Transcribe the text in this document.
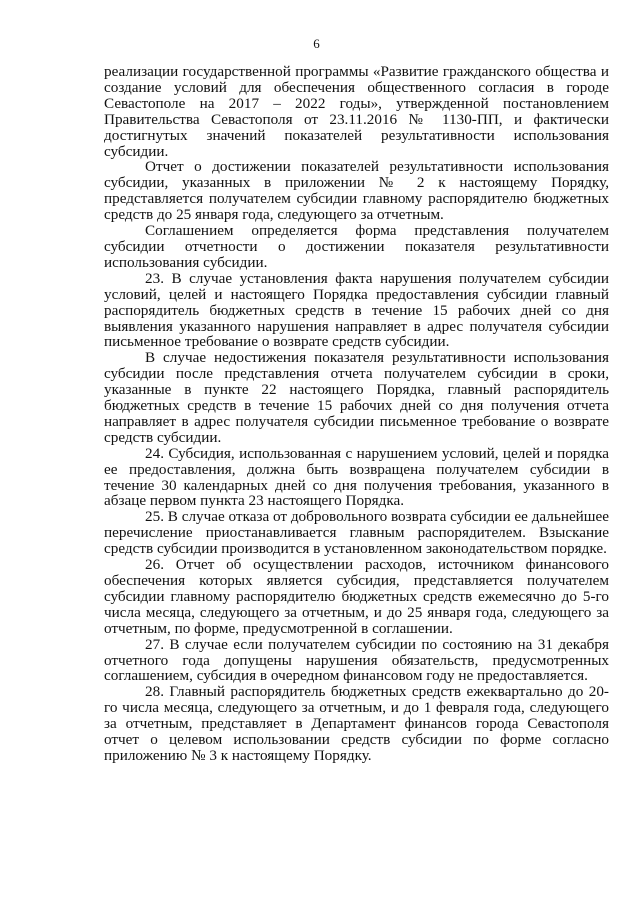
6

реализации государственной программы «Развитие гражданского общества и создание условий для обеспечения общественного согласия в городе Севастополе на 2017 – 2022 годы», утвержденной постановлением Правительства Севастополя от 23.11.2016 № 1130-ПП, и фактически достигнутых значений показателей результативности использования субсидии.

Отчет о достижении показателей результативности использования субсидии, указанных в приложении № 2 к настоящему Порядку, представляется получателем субсидии главному распорядителю бюджетных средств до 25 января года, следующего за отчетным.

Соглашением определяется форма представления получателем субсидии отчетности о достижении показателя результативности использования субсидии.

23. В случае установления факта нарушения получателем субсидии условий, целей и настоящего Порядка предоставления субсидии главный распорядитель бюджетных средств в течение 15 рабочих дней со дня выявления указанного нарушения направляет в адрес получателя субсидии письменное требование о возврате средств субсидии.

В случае недостижения показателя результативности использования субсидии после представления отчета получателем субсидии в сроки, указанные в пункте 22 настоящего Порядка, главный распорядитель бюджетных средств в течение 15 рабочих дней со дня получения отчета направляет в адрес получателя субсидии письменное требование о возврате средств субсидии.

24. Субсидия, использованная с нарушением условий, целей и порядка ее предоставления, должна быть возвращена получателем субсидии в течение 30 календарных дней со дня получения требования, указанного в абзаце первом пункта 23 настоящего Порядка.

25. В случае отказа от добровольного возврата субсидии ее дальнейшее перечисление приостанавливается главным распорядителем. Взыскание средств субсидии производится в установленном законодательством порядке.

26. Отчет об осуществлении расходов, источником финансового обеспечения которых является субсидия, представляется получателем субсидии главному распорядителю бюджетных средств ежемесячно до 5-го числа месяца, следующего за отчетным, и до 25 января года, следующего за отчетным, по форме, предусмотренной в соглашении.

27. В случае если получателем субсидии по состоянию на 31 декабря отчетного года допущены нарушения обязательств, предусмотренных соглашением, субсидия в очередном финансовом году не предоставляется.

28. Главный распорядитель бюджетных средств ежеквартально до 20-го числа месяца, следующего за отчетным, и до 1 февраля года, следующего за отчетным, представляет в Департамент финансов города Севастополя отчет о целевом использовании средств субсидии по форме согласно приложению № 3 к настоящему Порядку.
